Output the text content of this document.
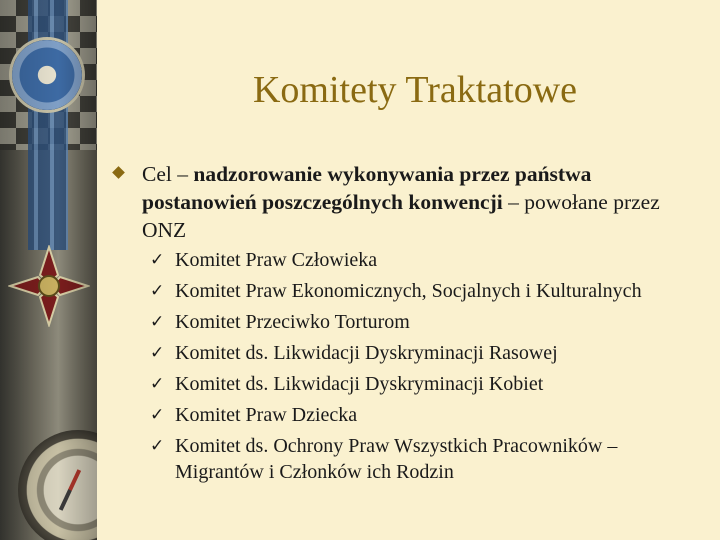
Komitety Traktatowe
Cel – nadzorowanie wykonywania przez państwa postanowień poszczególnych konwencji – powołane przez ONZ
✓ Komitet Praw Człowieka
✓ Komitet Praw Ekonomicznych, Socjalnych i Kulturalnych
✓ Komitet Przeciwko Torturom
✓ Komitet ds. Likwidacji Dyskryminacji Rasowej
✓ Komitet ds. Likwidacji Dyskryminacji Kobiet
✓ Komitet Praw Dziecka
✓ Komitet ds. Ochrony Praw Wszystkich Pracowników – Migrantów i Członków ich Rodzin
